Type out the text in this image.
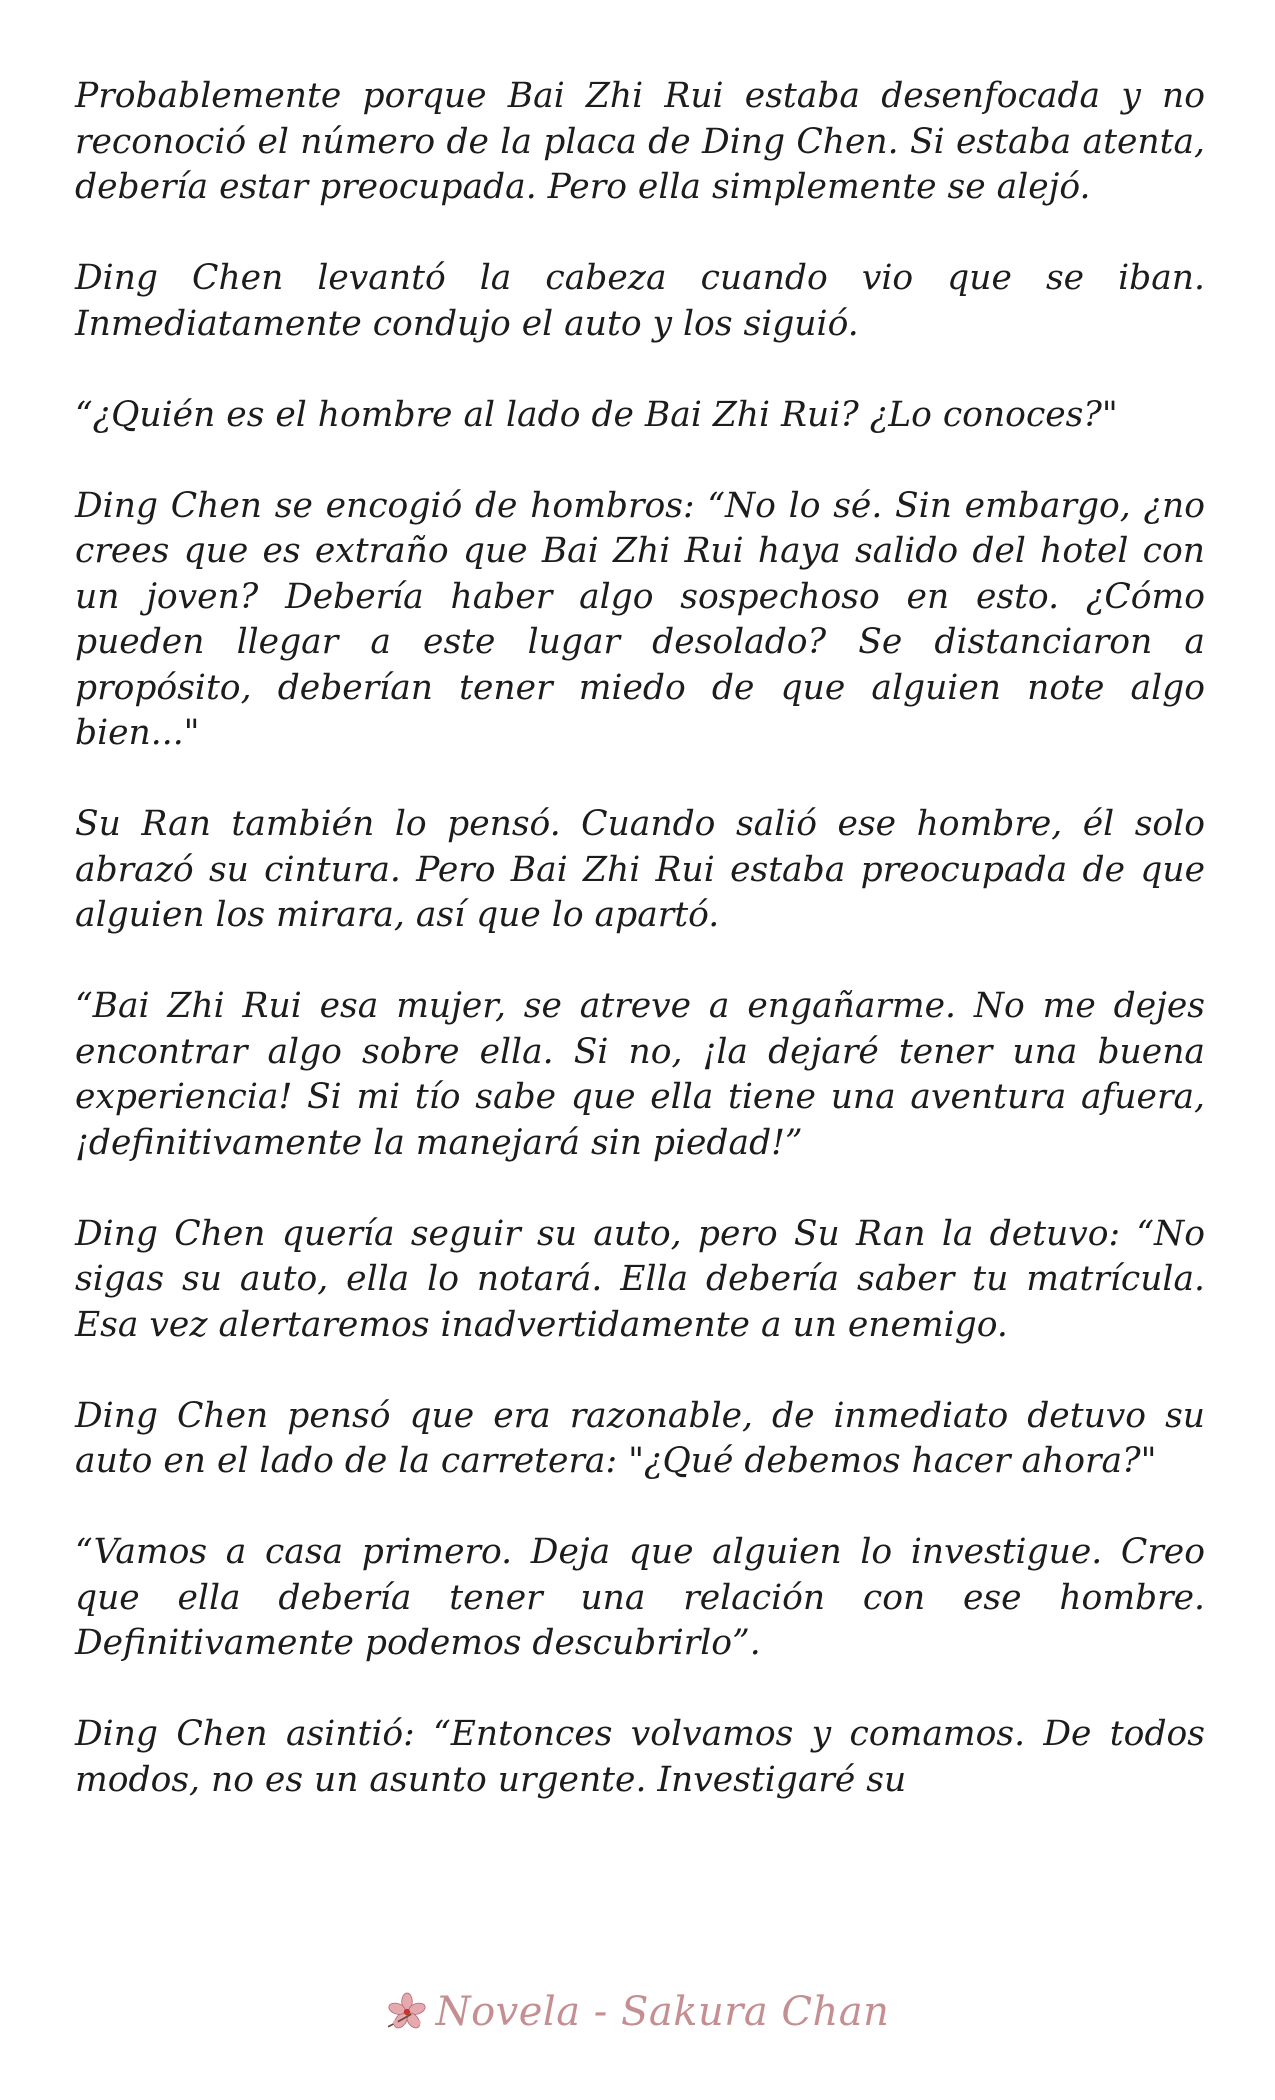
Probablemente porque Bai Zhi Rui estaba desenfocada y no reconoció el número de la placa de Ding Chen. Si estaba atenta, debería estar preocupada. Pero ella simplemente se alejó.

Ding Chen levantó la cabeza cuando vio que se iban. Inmediatamente condujo el auto y los siguió.

“¿Quién es el hombre al lado de Bai Zhi Rui? ¿Lo conoces?"

Ding Chen se encogió de hombros: “No lo sé. Sin embargo, ¿no crees que es extraño que Bai Zhi Rui haya salido del hotel con un joven? Debería haber algo sospechoso en esto. ¿Cómo pueden llegar a este lugar desolado? Se distanciaron a propósito, deberían tener miedo de que alguien note algo bien..."

Su Ran también lo pensó. Cuando salió ese hombre, él solo abrazó su cintura. Pero Bai Zhi Rui estaba preocupada de que alguien los mirara, así que lo apartó.

“Bai Zhi Rui esa mujer, se atreve a engañarme. No me dejes encontrar algo sobre ella. Si no, ¡la dejaré tener una buena experiencia! Si mi tío sabe que ella tiene una aventura afuera, ¡definitivamente la manejará sin piedad!”

Ding Chen quería seguir su auto, pero Su Ran la detuvo: “No sigas su auto, ella lo notará. Ella debería saber tu matrícula. Esa vez alertaremos inadvertidamente a un enemigo.

Ding Chen pensó que era razonable, de inmediato detuvo su auto en el lado de la carretera: "¿Qué debemos hacer ahora?"

“Vamos a casa primero. Deja que alguien lo investigue. Creo que ella debería tener una relación con ese hombre. Definitivamente podemos descubrirlo”.

Ding Chen asintió: “Entonces volvamos y comamos. De todos modos, no es un asunto urgente. Investigaré su

Novela - Sakura Chan
